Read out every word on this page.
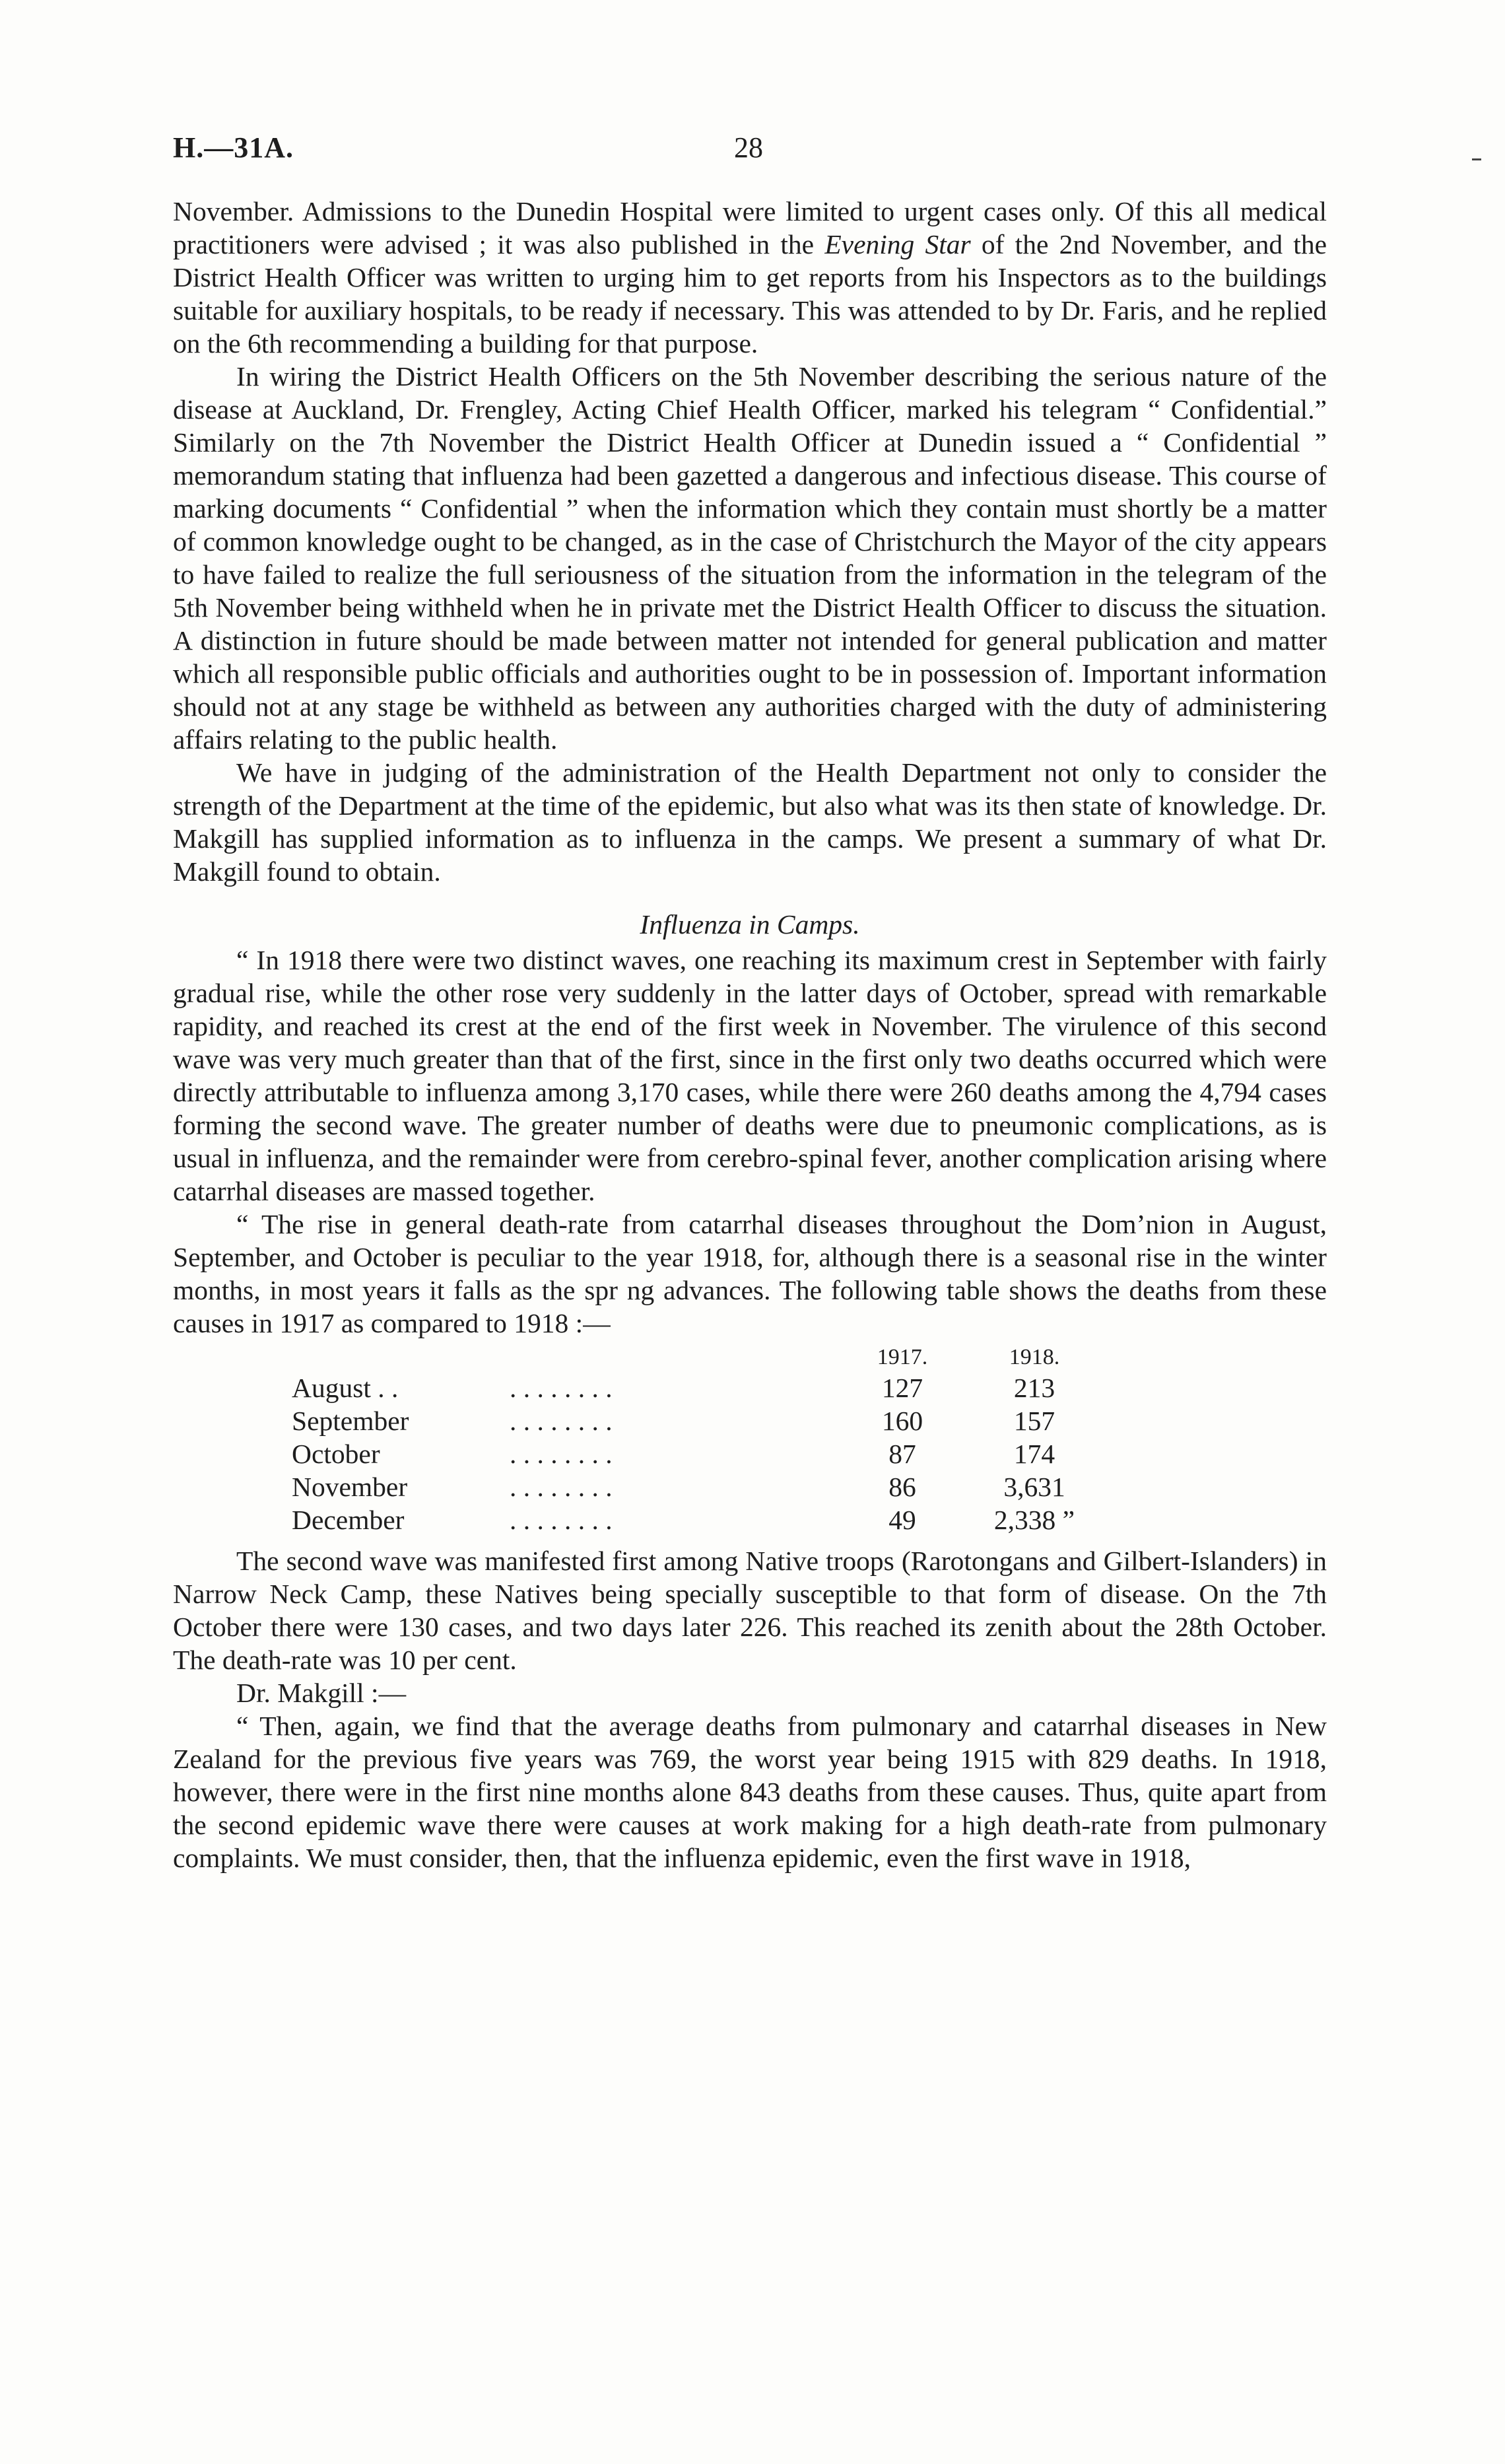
H.—31A.	28

November. Admissions to the Dunedin Hospital were limited to urgent cases only. Of this all medical practitioners were advised ; it was also published in the Evening Star of the 2nd November, and the District Health Officer was written to urging him to get reports from his Inspectors as to the buildings suitable for auxiliary hospitals, to be ready if necessary. This was attended to by Dr. Faris, and he replied on the 6th recommending a building for that purpose.

In wiring the District Health Officers on the 5th November describing the serious nature of the disease at Auckland, Dr. Frengley, Acting Chief Health Officer, marked his telegram “ Confidential.” Similarly on the 7th November the District Health Officer at Dunedin issued a “ Confidential ” memorandum stating that influenza had been gazetted a dangerous and infectious disease. This course of marking documents “ Confidential ” when the information which they contain must shortly be a matter of common knowledge ought to be changed, as in the case of Christchurch the Mayor of the city appears to have failed to realize the full seriousness of the situation from the information in the telegram of the 5th November being withheld when he in private met the District Health Officer to discuss the situation. A distinction in future should be made between matter not intended for general publication and matter which all responsible public officials and authorities ought to be in possession of. Important information should not at any stage be withheld as between any authorities charged with the duty of administering affairs relating to the public health.

We have in judging of the administration of the Health Department not only to consider the strength of the Department at the time of the epidemic, but also what was its then state of knowledge. Dr. Makgill has supplied information as to influenza in the camps. We present a summary of what Dr. Makgill found to obtain.

Influenza in Camps.

“ In 1918 there were two distinct waves, one reaching its maximum crest in September with fairly gradual rise, while the other rose very suddenly in the latter days of October, spread with remarkable rapidity, and reached its crest at the end of the first week in November. The virulence of this second wave was very much greater than that of the first, since in the first only two deaths occurred which were directly attributable to influenza among 3,170 cases, while there were 260 deaths among the 4,794 cases forming the second wave. The greater number of deaths were due to pneumonic complications, as is usual in influenza, and the remainder were from cerebro-spinal fever, another complication arising where catarrhal diseases are massed together.

“ The rise in general death-rate from catarrhal diseases throughout the Dom’nion in August, September, and October is peculiar to the year 1918, for, although there is a seasonal rise in the winter months, in most years it falls as the spr ng advances. The following table shows the deaths from these causes in 1917 as compared to 1918 :—

		1917.	1918.
August . .	. . . . . . . .	127	213
September	. . . . . . . .	160	157
October	. . . . . . . .	87	174
November	. . . . . . . .	86	3,631
December	. . . . . . . .	49	2,338 ”

The second wave was manifested first among Native troops (Rarotongans and Gilbert-Islanders) in Narrow Neck Camp, these Natives being specially susceptible to that form of disease. On the 7th October there were 130 cases, and two days later 226. This reached its zenith about the 28th October. The death-rate was 10 per cent.

Dr. Makgill :—

“ Then, again, we find that the average deaths from pulmonary and catarrhal diseases in New Zealand for the previous five years was 769, the worst year being 1915 with 829 deaths. In 1918, however, there were in the first nine months alone 843 deaths from these causes. Thus, quite apart from the second epidemic wave there were causes at work making for a high death-rate from pulmonary complaints. We must consider, then, that the influenza epidemic, even the first wave in 1918,
